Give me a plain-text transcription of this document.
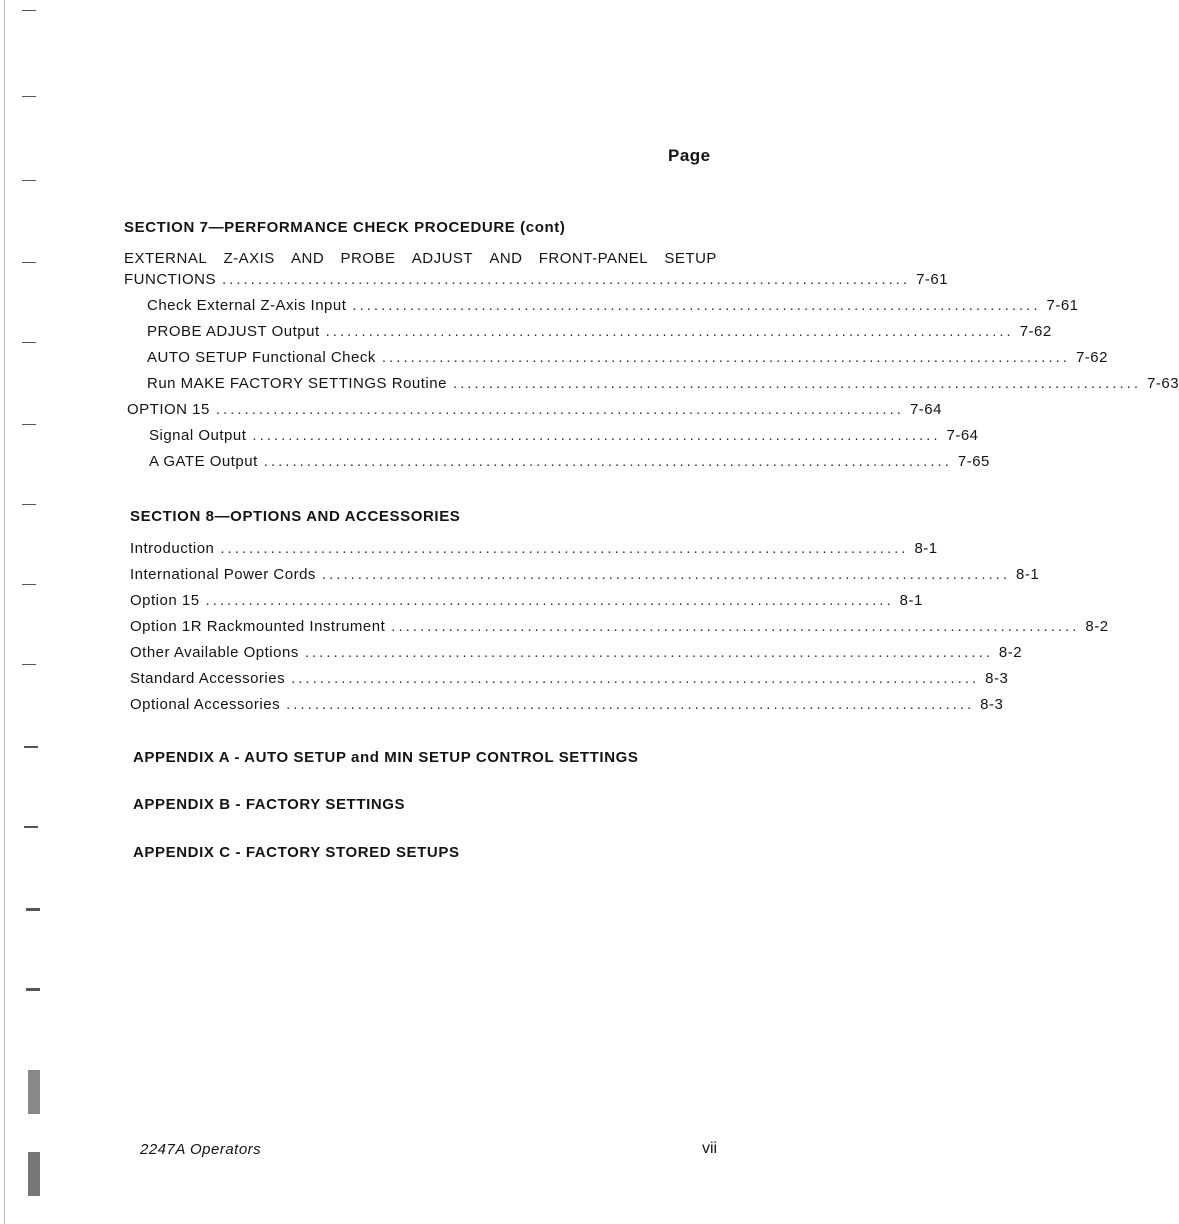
Page
SECTION 7—PERFORMANCE CHECK PROCEDURE (cont)
EXTERNAL Z-AXIS AND PROBE ADJUST AND FRONT-PANEL SETUP
FUNCTIONS ................................................................................................ 7-61
Check External Z-Axis Input ................................................................................................ 7-61
PROBE ADJUST Output ................................................................................................ 7-62
AUTO SETUP Functional Check ................................................................................................ 7-62
Run MAKE FACTORY SETTINGS Routine ................................................................................................ 7-63
OPTION 15 ................................................................................................ 7-64
Signal Output ................................................................................................ 7-64
A GATE Output ................................................................................................ 7-65
SECTION 8—OPTIONS AND ACCESSORIES
Introduction ................................................................................................ 8-1
International Power Cords ................................................................................................ 8-1
Option 15 ................................................................................................ 8-1
Option 1R Rackmounted Instrument ................................................................................................ 8-2
Other Available Options ................................................................................................ 8-2
Standard Accessories ................................................................................................ 8-3
Optional Accessories ................................................................................................ 8-3
APPENDIX A - AUTO SETUP and MIN SETUP CONTROL SETTINGS
APPENDIX B - FACTORY SETTINGS
APPENDIX C - FACTORY STORED SETUPS
2247A Operators	vii
